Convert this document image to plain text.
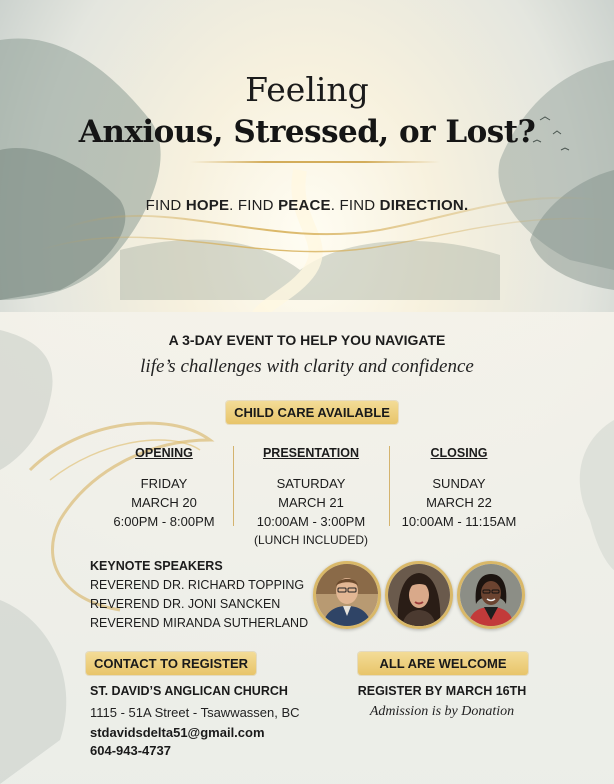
Feeling
Anxious, Stressed, or Lost?
FIND HOPE. FIND PEACE. FIND DIRECTION.
A 3-DAY EVENT TO HELP YOU NAVIGATE
life’s challenges with clarity and confidence
CHILD CARE AVAILABLE
OPENING
FRIDAY
MARCH 20
6:00PM - 8:00PM
PRESENTATION
SATURDAY
MARCH 21
10:00AM - 3:00PM
(LUNCH INCLUDED)
CLOSING
SUNDAY
MARCH 22
10:00AM - 11:15AM
KEYNOTE SPEAKERS
REVEREND DR. RICHARD TOPPING
REVEREND DR. JONI SANCKEN
REVEREND MIRANDA SUTHERLAND
CONTACT TO REGISTER	ALL ARE WELCOME
ST. DAVID’S ANGLICAN CHURCH
1115 - 51A Street - Tsawwassen, BC
stdavidsdelta51@gmail.com
604-943-4737
REGISTER BY MARCH 16TH
Admission is by Donation
